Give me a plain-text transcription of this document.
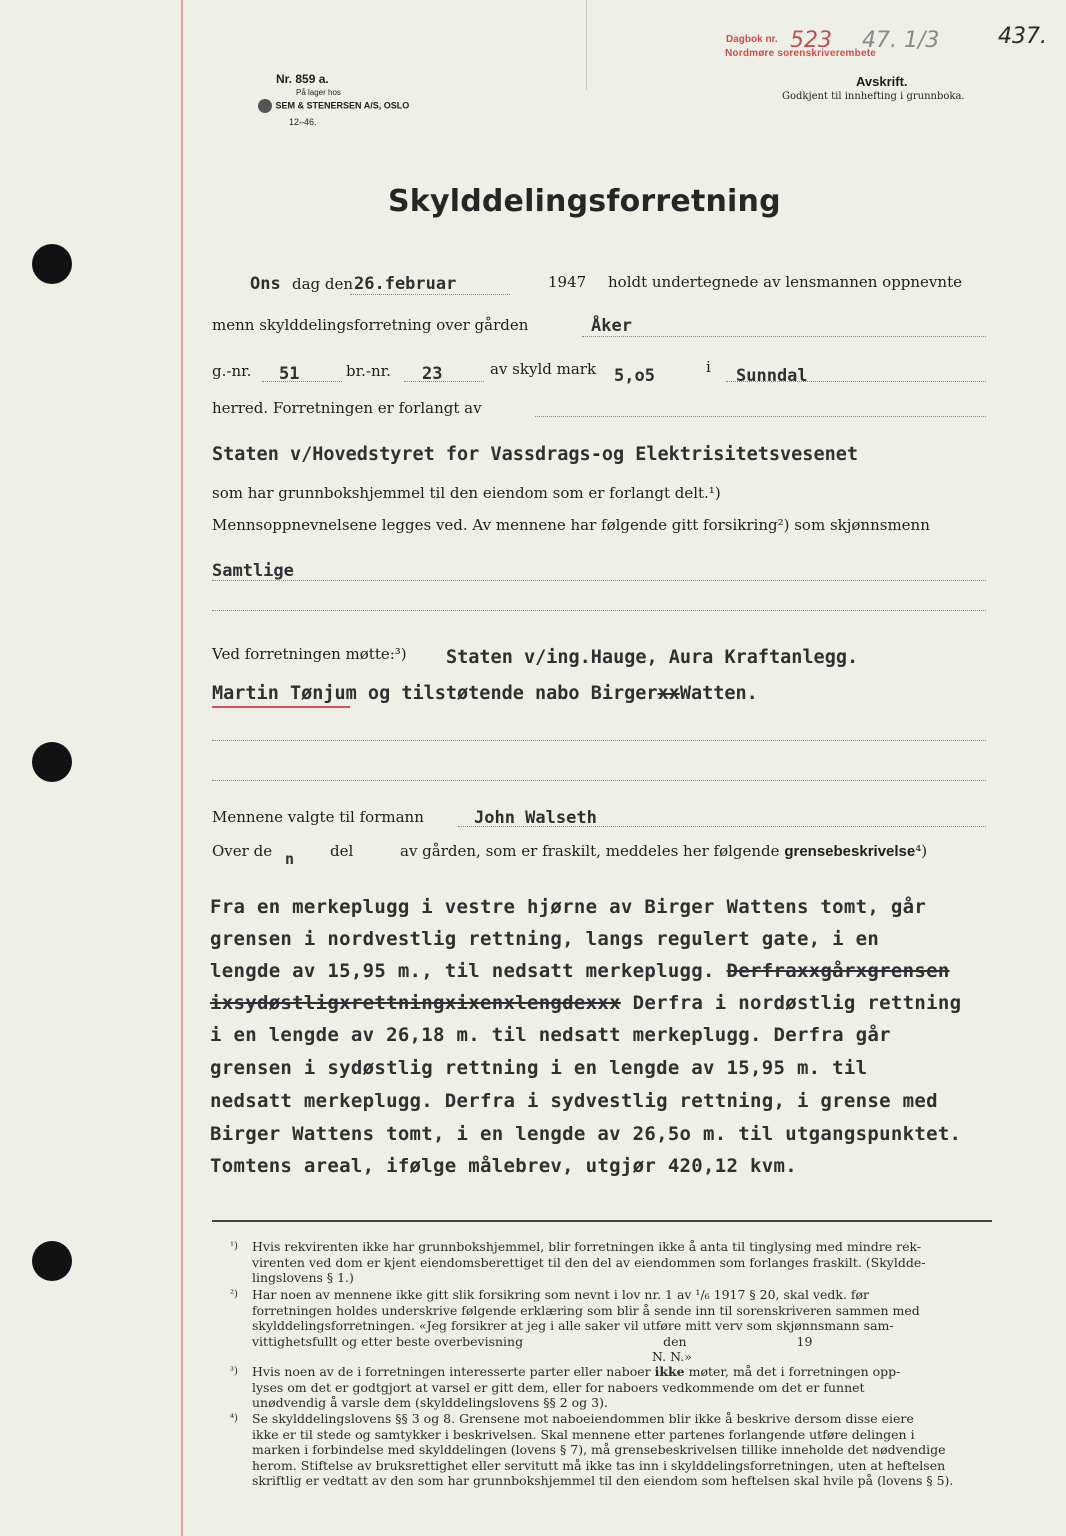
Nr. 859 a.
På lager hos
SEM & STENERSEN A/S, OSLO
12–46.
Dagbok nr.
Nordmøre sorenskriverembete
523 47. 1/3	437.
Avskrift.
Godkjent til innhefting i grunnboka.
Skylddelingsforretning
Ons dag den 26.februar	1947 holdt undertegnede av lensmannen oppnevnte
menn skylddelingsforretning over gården	Åker
g.-nr. 51	br.-nr. 23	av skyld mark 5,o5	i Sunndal
herred. Forretningen er forlangt av
Staten v/Hovedstyret for Vassdrags-og Elektrisitetsvesenet
som har grunnbokshjemmel til den eiendom som er forlangt delt.¹)
Mennsoppnevnelsene legges ved. Av mennene har følgende gitt forsikring²) som skjønnsmenn
Samtlige
Ved forretningen møtte:³) Staten v/ing.Hauge, Aura Kraftanlegg.
Martin Tønjum og tilstøtende nabo BirgerxxWatten.
Mennene valgte til formann	John Walseth
Over de n del	av gården, som er fraskilt, meddeles her følgende grensebeskrivelse⁴)
Fra en merkeplugg i vestre hjørne av Birger Wattens tomt, går
grensen i nordvestlig rettning, langs regulert gate, i en
lengde av 15,95 m., til nedsatt merkeplugg. Derfraxxgårxgrensen
ixsydøstligxrettningxixenxlengdexxx Derfra i nordøstlig rettning
i en lengde av 26,18 m. til nedsatt merkeplugg. Derfra går
grensen i sydøstlig rettning i en lengde av 15,95 m. til
nedsatt merkeplugg. Derfra i sydvestlig rettning, i grense med
Birger Wattens tomt, i en lengde av 26,5o m. til utgangspunktet.
Tomtens areal, ifølge målebrev, utgjør 420,12 kvm.
¹) Hvis rekvirenten ikke har grunnbokshjemmel, blir forretningen ikke å anta til tinglysing med mindre rek-
virenten ved dom er kjent eiendomsberettiget til den del av eiendommen som forlanges fraskilt. (Skyldde-
lingslovens § 1.)
²) Har noen av mennene ikke gitt slik forsikring som nevnt i lov nr. 1 av ¹/₆ 1917 § 20, skal vedk. før
forretningen holdes underskrive følgende erklæring som blir å sende inn til sorenskriveren sammen med
skylddelingsforretningen. «Jeg forsikrer at jeg i alle saker vil utføre mitt verv som skjønnsmann sam-
vittighetsfullt og etter beste overbevisning	den	19
N. N.»
³) Hvis noen av de i forretningen interesserte parter eller naboer ikke møter, må det i forretningen opp-
lyses om det er godtgjort at varsel er gitt dem, eller for naboers vedkommende om det er funnet
unødvendig å varsle dem (skylddelingslovens §§ 2 og 3).
⁴) Se skylddelingslovens §§ 3 og 8. Grensene mot naboeiendommen blir ikke å beskrive dersom disse eiere
ikke er til stede og samtykker i beskrivelsen. Skal mennene etter partenes forlangende utføre delingen i
marken i forbindelse med skylddelingen (lovens § 7), må grensebeskrivelsen tillike inneholde det nødvendige
herom. Stiftelse av bruksrettighet eller servitutt må ikke tas inn i skylddelingsforretningen, uten at heftelsen
skriftlig er vedtatt av den som har grunnbokshjemmel til den eiendom som heftelsen skal hvile på (lovens § 5).
